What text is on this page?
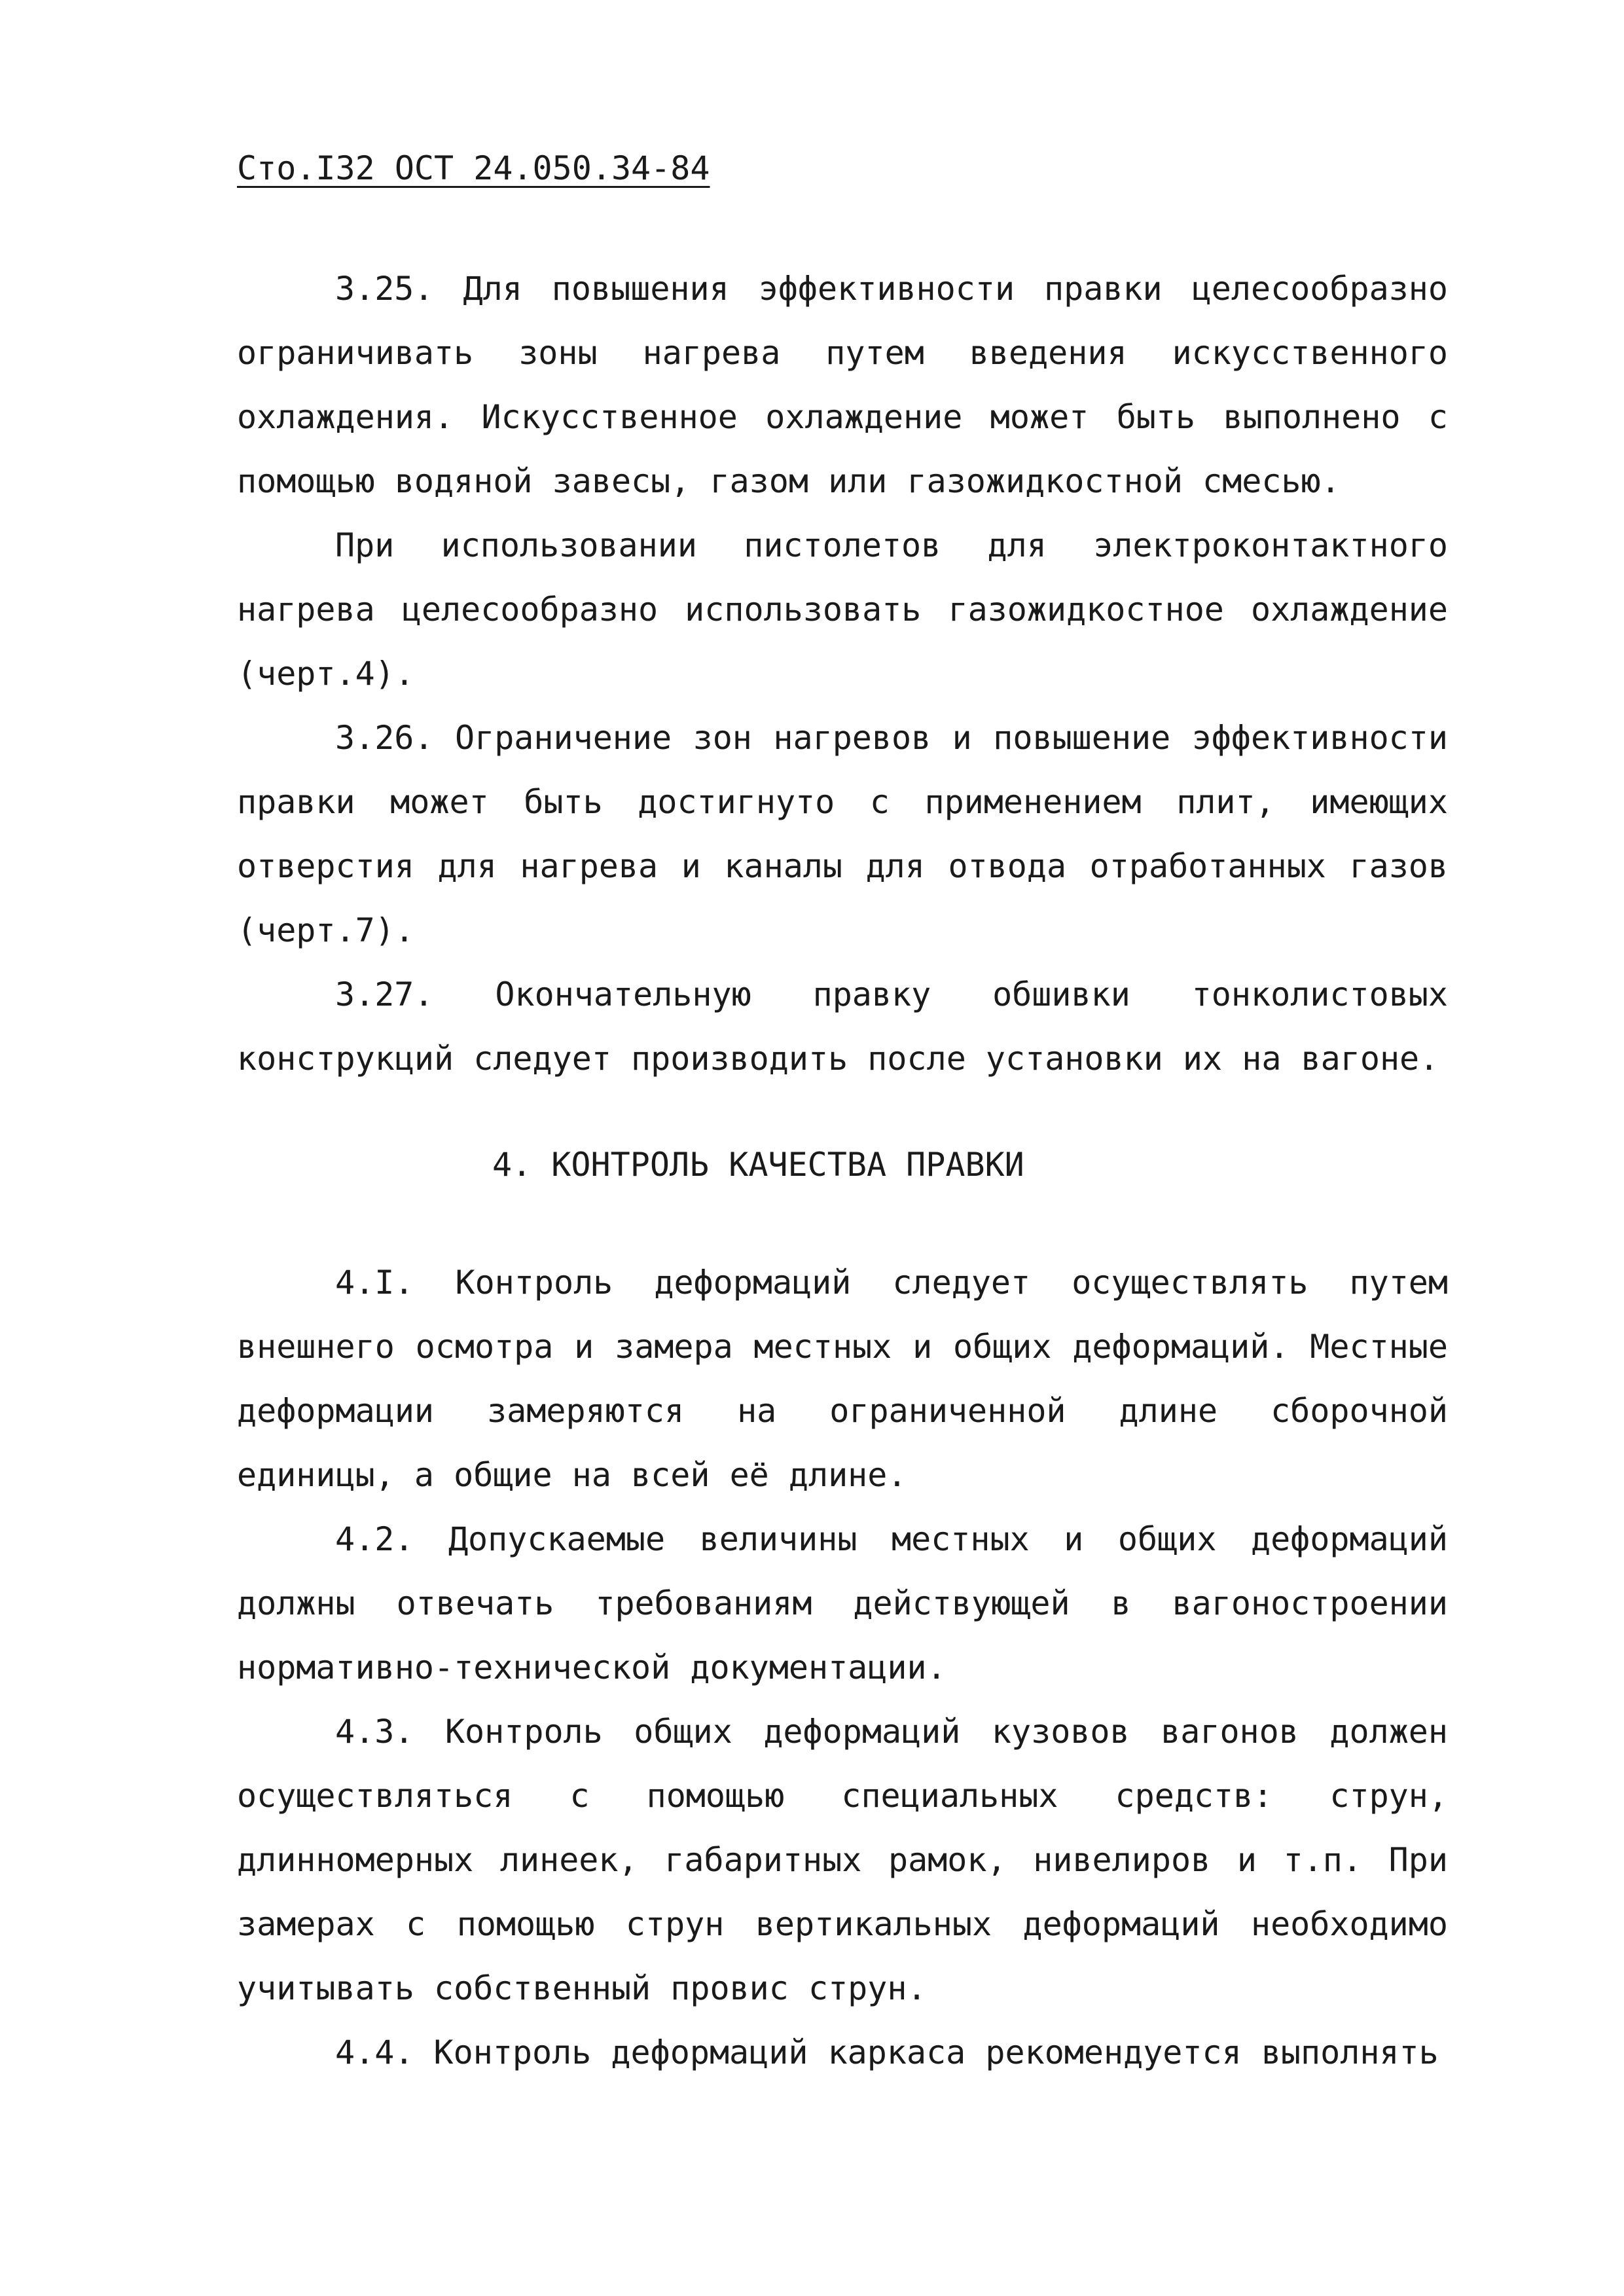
Сто.I32 ОСТ 24.050.34-84

3.25. Для повышения эффективности правки целесообразно ограничивать зоны нагрева путем введения искусственного охлаждения. Искусственное охлаждение может быть выполнено с помощью водяной завесы, газом или газожидкостной смесью.

При использовании пистолетов для электроконтактного нагрева целесообразно использовать газожидкостное охлаждение (черт.4).

3.26. Ограничение зон нагревов и повышение эффективности правки может быть достигнуто с применением плит, имеющих отверстия для нагрева и каналы для отвода отработанных газов (черт.7).

3.27. Окончательную правку обшивки тонколистовых конструкций следует производить после установки их на вагоне.

4. КОНТРОЛЬ КАЧЕСТВА ПРАВКИ

4.I. Контроль деформаций следует осуществлять путем внешнего осмотра и замера местных и общих деформаций. Местные деформации замеряются на ограниченной длине сборочной единицы, а общие на всей её длине.

4.2. Допускаемые величины местных и общих деформаций должны отвечать требованиям действующей в вагоностроении нормативно-технической документации.

4.3. Контроль общих деформаций кузовов вагонов должен осуществляться с помощью специальных средств: струн, длинномерных линеек, габаритных рамок, нивелиров и т.п. При замерах с помощью струн вертикальных деформаций необходимо учитывать собственный провис струн.

4.4. Контроль деформаций каркаса рекомендуется выполнять
